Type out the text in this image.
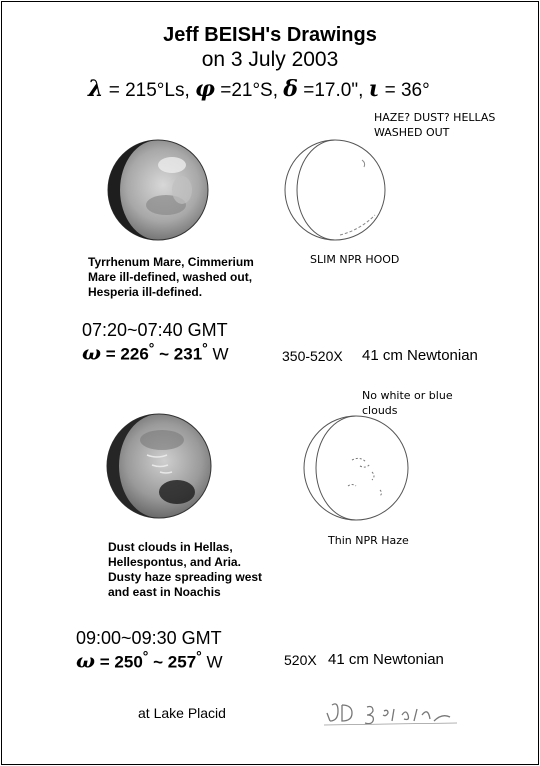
Jeff BEISH's Drawings
on 3 July 2003
λ = 215°Ls, φ =21°S, δ =17.0", ι = 36°
HAZE? DUST? HELLAS WASHED OUT
Tyrrhenum Mare, Cimmerium Mare ill-defined, washed out, Hesperia ill-defined.
SLIM NPR HOOD
07:20~07:40 GMT
ω = 226° ~ 231° W	350-520X 41 cm Newtonian
No white or blue clouds
Dust clouds in Hellas, Hellespontus, and Aria. Dusty haze spreading west and east in Noachis
Thin NPR Haze
09:00~09:30 GMT
ω = 250° ~ 257° W	520X 41 cm Newtonian
at Lake Placid
